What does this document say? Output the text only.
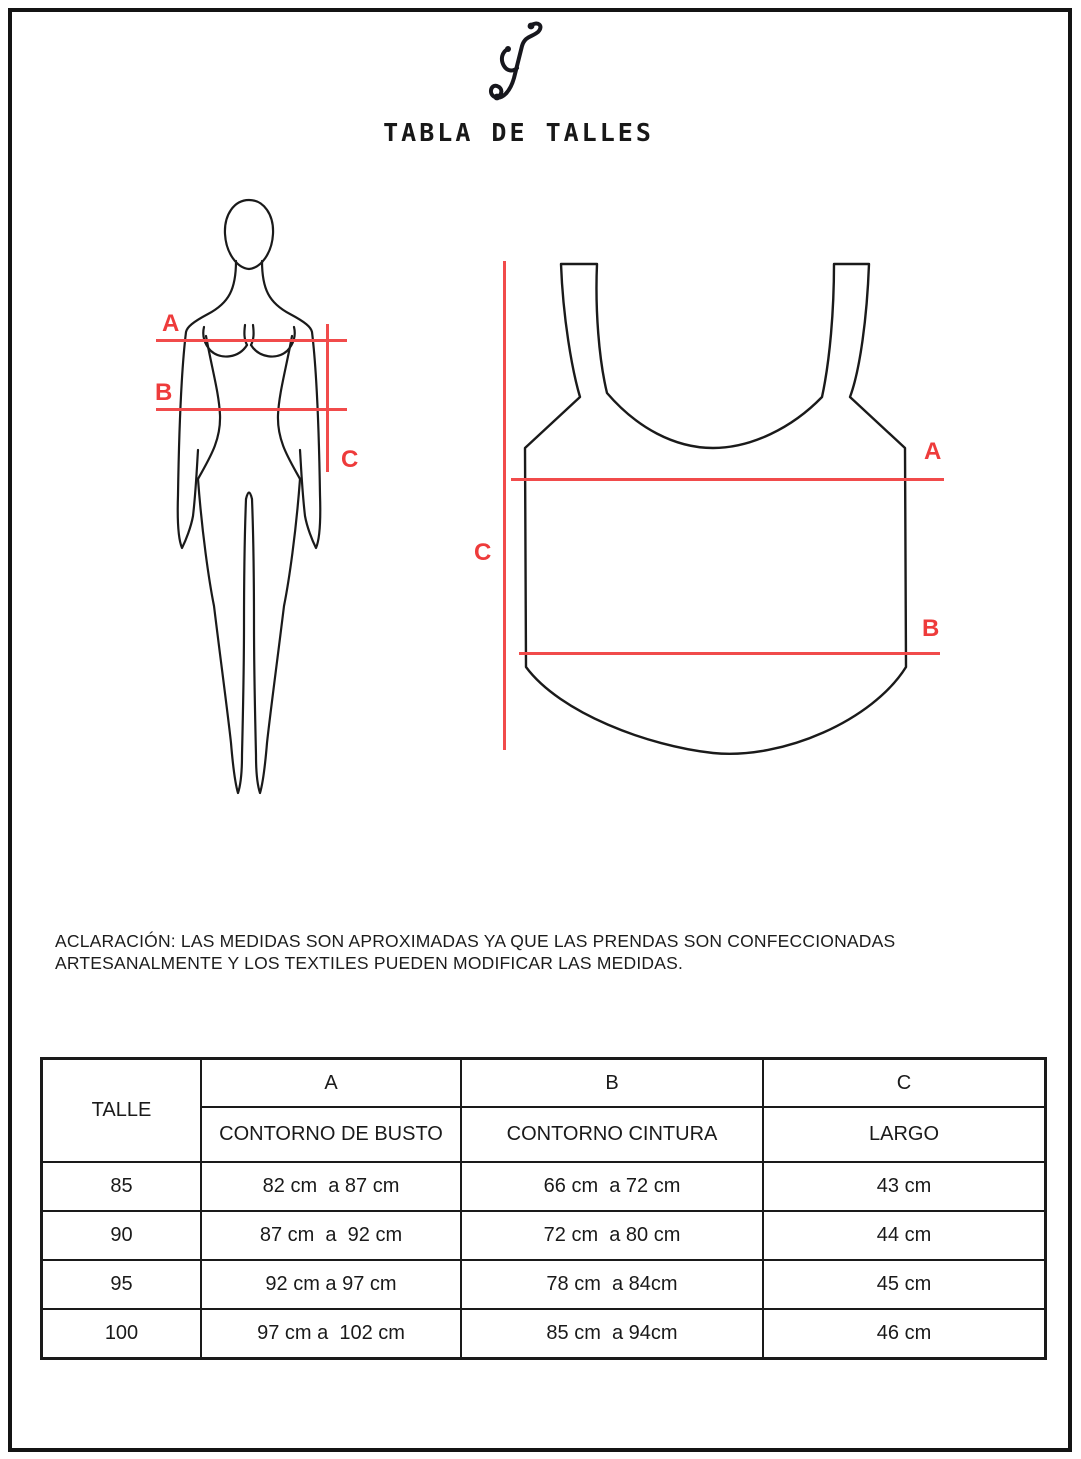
TABLA DE TALLES
A
B
C
C
A
B
ACLARACIÓN: LAS MEDIDAS SON APROXIMADAS YA QUE LAS PRENDAS SON CONFECCIONADAS
ARTESANALMENTE Y LOS TEXTILES PUEDEN MODIFICAR LAS MEDIDAS.
TALLE	A	B	C
	CONTORNO DE BUSTO	CONTORNO CINTURA	LARGO
85	82 cm  a 87 cm	66 cm  a 72 cm	43 cm
90	87 cm  a  92 cm	72 cm  a 80 cm	44 cm
95	92 cm a 97 cm	78 cm  a 84cm	45 cm
100	97 cm a  102 cm	85 cm  a 94cm	46 cm
